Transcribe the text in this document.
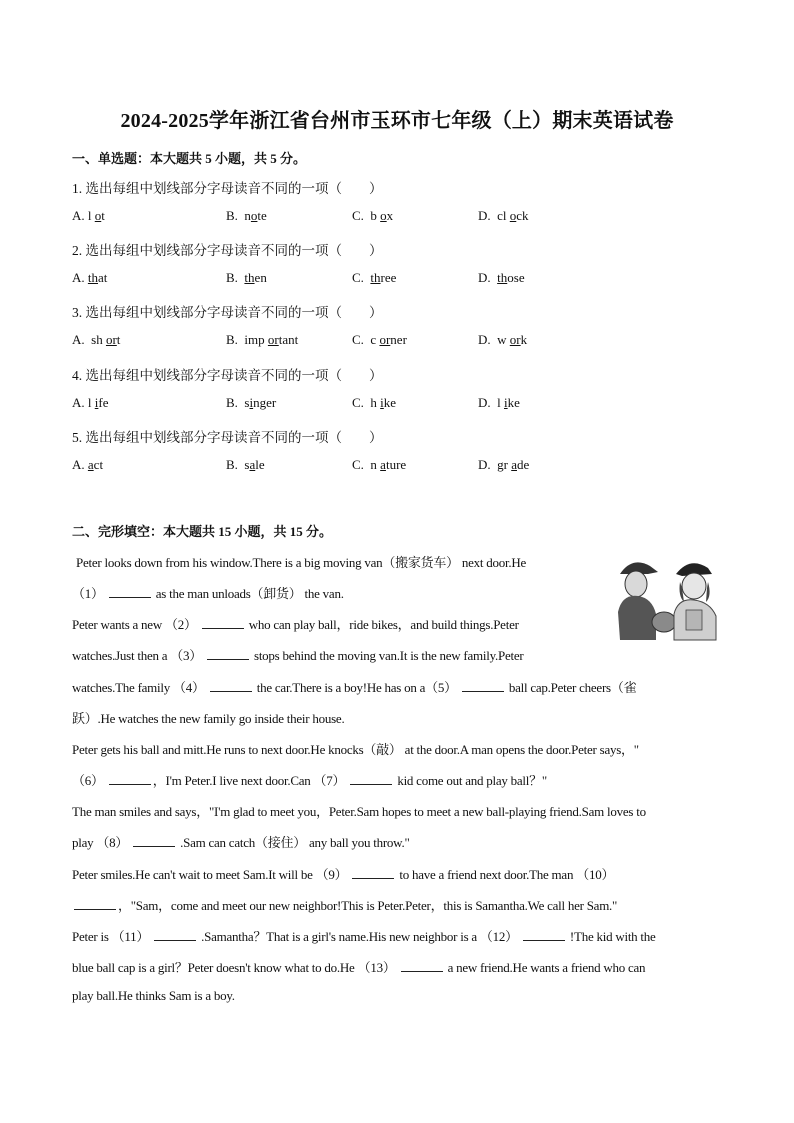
2024-2025学年浙江省台州市玉环市七年级（上）期末英语试卷
一、单选题：本大题共 5 小题，共 5 分。
1. 选出每组中划线部分字母读音不同的一项（　　）
A. l ot	B.  note	C.  b ox	D.  cl ock
2. 选出每组中划线部分字母读音不同的一项（　　）
A. that	B.  then	C.  three	D.  those
3. 选出每组中划线部分字母读音不同的一项（　　）
A.  sh ort	B.  imp ortant	C.  c orner	D.  w ork
4. 选出每组中划线部分字母读音不同的一项（　　）
A. l ife	B.  singer	C.  h ike	D.  l ike
5. 选出每组中划线部分字母读音不同的一项（　　）
A. act	B.  sale	C.  n ature	D.  gr ade
二、完形填空：本大题共 15 小题，共 15 分。
Peter looks down from his window.There is a big moving van（搬家货车） next door.He
（1）	as the man unloads（卸货） the van.
Peter wants a new （2）	who can play ball，ride bikes，and build things.Peter
watches.Just then a （3）	stops behind the moving van.It is the new family.Peter
watches.The family （4）	the car.There is a boy!He has on a（5）	ball cap.Peter cheers（雀
跃）.He watches the new family go inside their house.
Peter gets his ball and mitt.He runs to next door.He knocks（敲） at the door.A man opens the door.Peter says，"
（6）	，I'm Peter.I live next door.Can （7）	kid come out and play ball？"
The man smiles and says，"I'm glad to meet you，Peter.Sam hopes to meet a new ball-playing friend.Sam loves to
play （8）	.Sam can catch（接住） any ball you throw."
Peter smiles.He can't wait to meet Sam.It will be （9）	to have a friend next door.The man （10）
，"Sam，come and meet our new neighbor!This is Peter.Peter，this is Samantha.We call her Sam."
Peter is （11）	.Samantha？That is a girl's name.His new neighbor is a （12）	!The kid with the
blue ball cap is a girl？Peter doesn't know what to do.He （13）	a new friend.He wants a friend who can
play ball.He thinks Sam is a boy.
